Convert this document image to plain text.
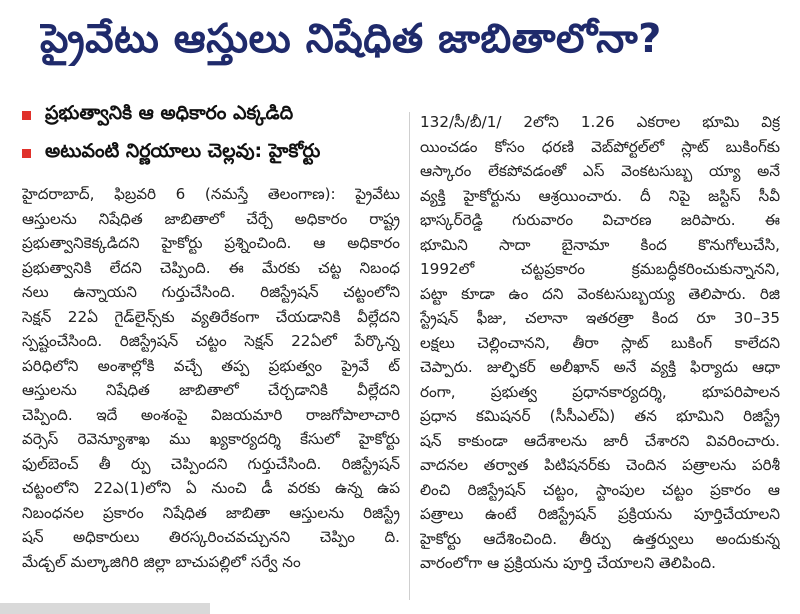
ప్రైవేటు ఆస్తులు నిషేధిత జాబితాలోనా?
ప్రభుత్వానికి ఆ అధికారం ఎక్కడిది
అటువంటి నిర్ణయాలు చెల్లవు: హైకోర్టు

హైదరాబాద్, ఫిబ్రవరి 6 (నమస్తే తెలంగాణ): ప్రైవేటు

ఆస్తులను నిషేధిత జాబితాలో చేర్చే అధికారం రాష్ట్ర

ప్రభుత్వానికెక్కడిదని హైకోర్టు ప్రశ్నించింది. ఆ అధికారం

ప్రభుత్వానికి లేదని చెప్పింది. ఈ మేరకు చట్ట నిబంధ

నలు ఉన్నాయని గుర్తుచేసింది. రిజిస్ట్రేషన్ చట్టంలోని

సెక్షన్ 22ఏ గైడ్‌లైన్స్‌కు వ్యతిరేకంగా చేయడానికి వీల్లేదని

స్పష్టంచేసింది. రిజిస్ట్రేషన్ చట్టం సెక్షన్ 22ఏలో పేర్కొన్న

పరిధిలోని అంశాల్లోకి వచ్చే తప్ప ప్రభుత్వం ప్రైవే ట్

ఆస్తులను నిషేధిత జాబితాలో చేర్చడానికి వీల్లేదని

చెప్పింది. ఇదే అంశంపై విజయమారి రాజగోపాలాచారి

వర్సెస్ రెవెన్యూశాఖ ము ఖ్యకార్యదర్శి కేసులో హైకోర్టు

ఫుల్‌బెంచ్ తీ ర్పు చెప్పిందని గుర్తుచేసింది. రిజిస్ట్రేషన్

చట్టంలోని 22ఎ(1)లోని ఏ నుంచి డీ వరకు ఉన్న ఉప

నిబంధనల ప్రకారం నిషేధిత జాబితా ఆస్తులను రిజిస్ట్రే

షన్ అధికారులు తిరస్కరించవచ్చునని చెప్పిం ది.

మేడ్చల్ మల్కాజిగిరి జిల్లా బాచుపల్లిలో సర్వే నం

132/సీ/బీ/1/ 2లోని 1.26 ఎకరాల భూమి విక్ర

యించడం కోసం ధరణి వెబ్‌పోర్టల్‌లో స్లాట్ బుకింగ్‌కు

ఆస్కారం లేకపోవడంతో ఎస్ వెంకటసుబ్బ య్యా అనే

వ్యక్తి హైకోర్టును ఆశ్రయించారు. దీ నిపై జస్టిస్ సీవీ

భాస్కర్‌రెడ్డి గురువారం విచారణ జరిపారు. ఈ

భూమిని సాదా బైనామా కింద కొనుగోలుచేసి,

1992లో చట్టప్రకారం క్రమబద్ధీకరించుకున్నానని,

పట్టా కూడా ఉం దని వెంకటసుబ్బయ్య తెలిపారు. రిజి

స్ట్రేషన్ ఫీజు, చలానా ఇతరత్రా కింద రూ 30–35

లక్షలు చెల్లించానని, తీరా స్లాట్ బుకింగ్ కాలేదని

చెప్పారు. జుల్ఫికర్ అలీఖాన్ అనే వ్యక్తి ఫిర్యాదు ఆధా

రంగా, ప్రభుత్వ ప్రధానకార్యదర్శి, భూపరిపాలన

ప్రధాన కమిషనర్ (సీసీఎల్‌ఏ) తన భూమిని రిజిస్ట్రే

షన్ కాకుండా ఆదేశాలను జారీ చేశారని వివరించారు.

వాదనల తర్వాత పిటిషనర్‌కు చెందిన పత్రాలను పరిశీ

లించి రిజిస్ట్రేషన్ చట్టం, స్టాంపుల చట్టం ప్రకారం ఆ

పత్రాలు ఉంటే రిజిస్ట్రేషన్ ప్రక్రియను పూర్తిచేయాలని

హైకోర్టు ఆదేశించింది. తీర్పు ఉత్తర్వులు అందుకున్న

వారంలోగా ఆ ప్రక్రియను పూర్తి చేయాలని తెలిపింది.
